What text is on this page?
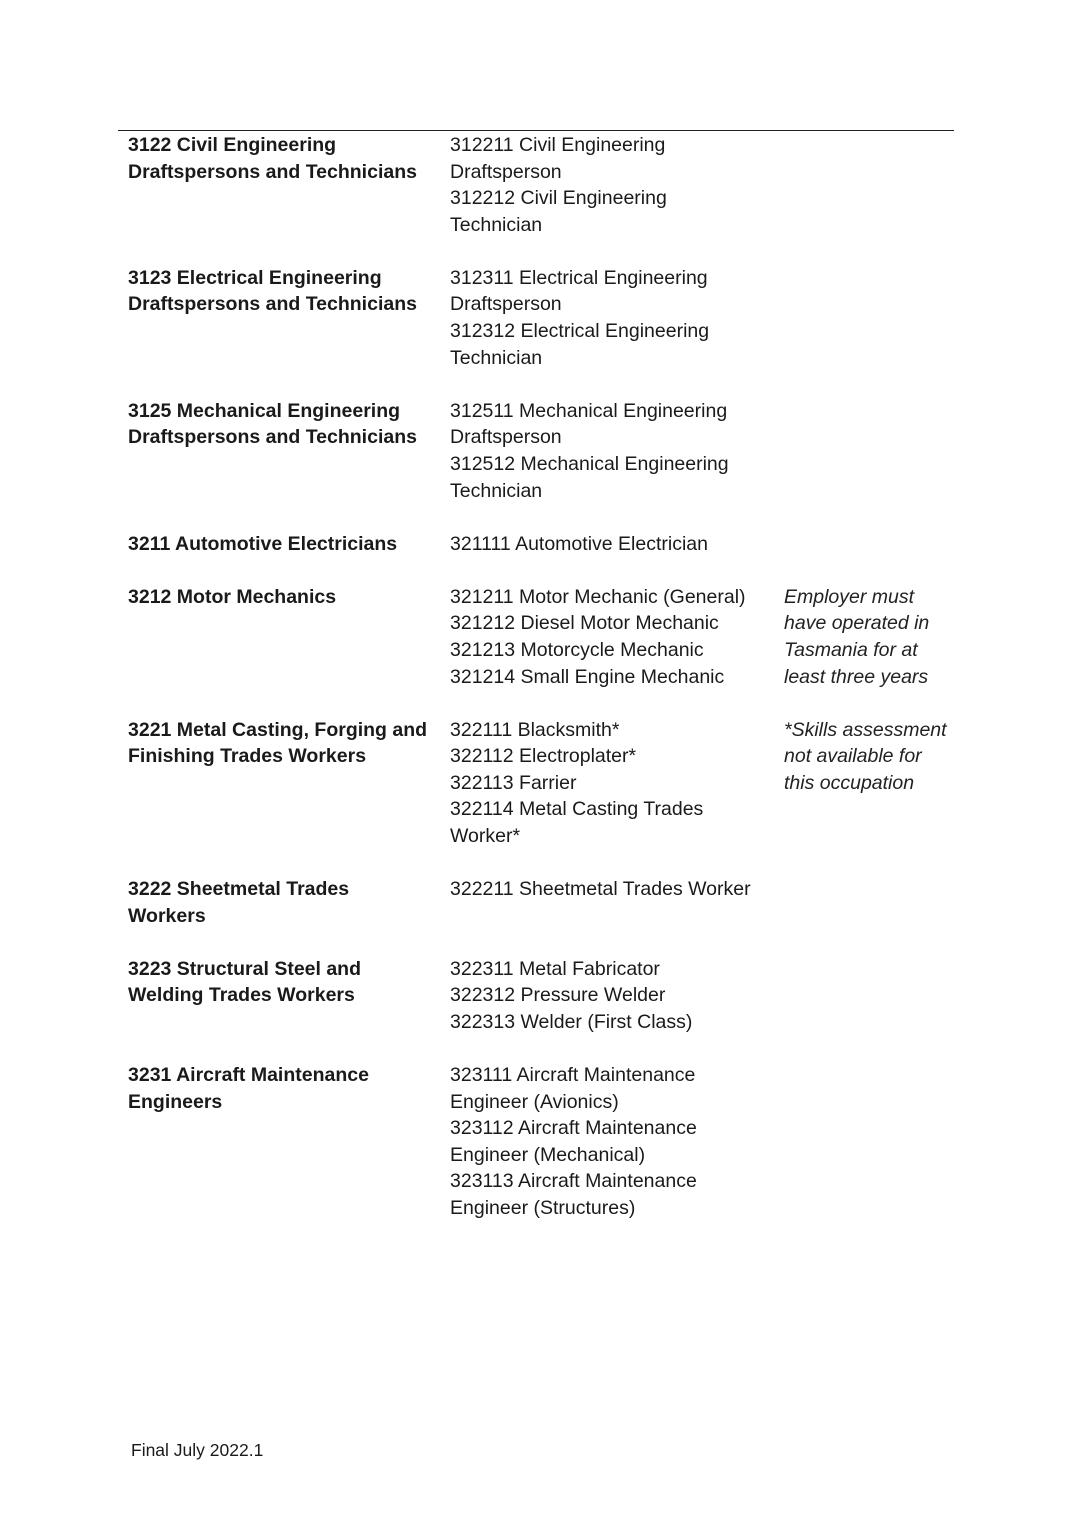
3122 Civil Engineering Draftspersons and Technicians
312211 Civil Engineering Draftsperson
312212 Civil Engineering Technician
3123 Electrical Engineering Draftspersons and Technicians
312311 Electrical Engineering Draftsperson
312312 Electrical Engineering Technician
3125 Mechanical Engineering Draftspersons and Technicians
312511 Mechanical Engineering Draftsperson
312512 Mechanical Engineering Technician
3211 Automotive Electricians	321111 Automotive Electrician
3212 Motor Mechanics	321211 Motor Mechanic (General)
321212 Diesel Motor Mechanic
321213 Motorcycle Mechanic
321214 Small Engine Mechanic
Employer must have operated in Tasmania for at least three years
3221 Metal Casting, Forging and Finishing Trades Workers
322111 Blacksmith*
322112 Electroplater*
322113 Farrier
322114 Metal Casting Trades Worker*
*Skills assessment not available for this occupation
3222 Sheetmetal Trades Workers
322211 Sheetmetal Trades Worker
3223 Structural Steel and Welding Trades Workers
322311 Metal Fabricator
322312 Pressure Welder
322313 Welder (First Class)
3231 Aircraft Maintenance Engineers
323111 Aircraft Maintenance Engineer (Avionics)
323112 Aircraft Maintenance Engineer (Mechanical)
323113 Aircraft Maintenance Engineer (Structures)
Final July 2022.1
